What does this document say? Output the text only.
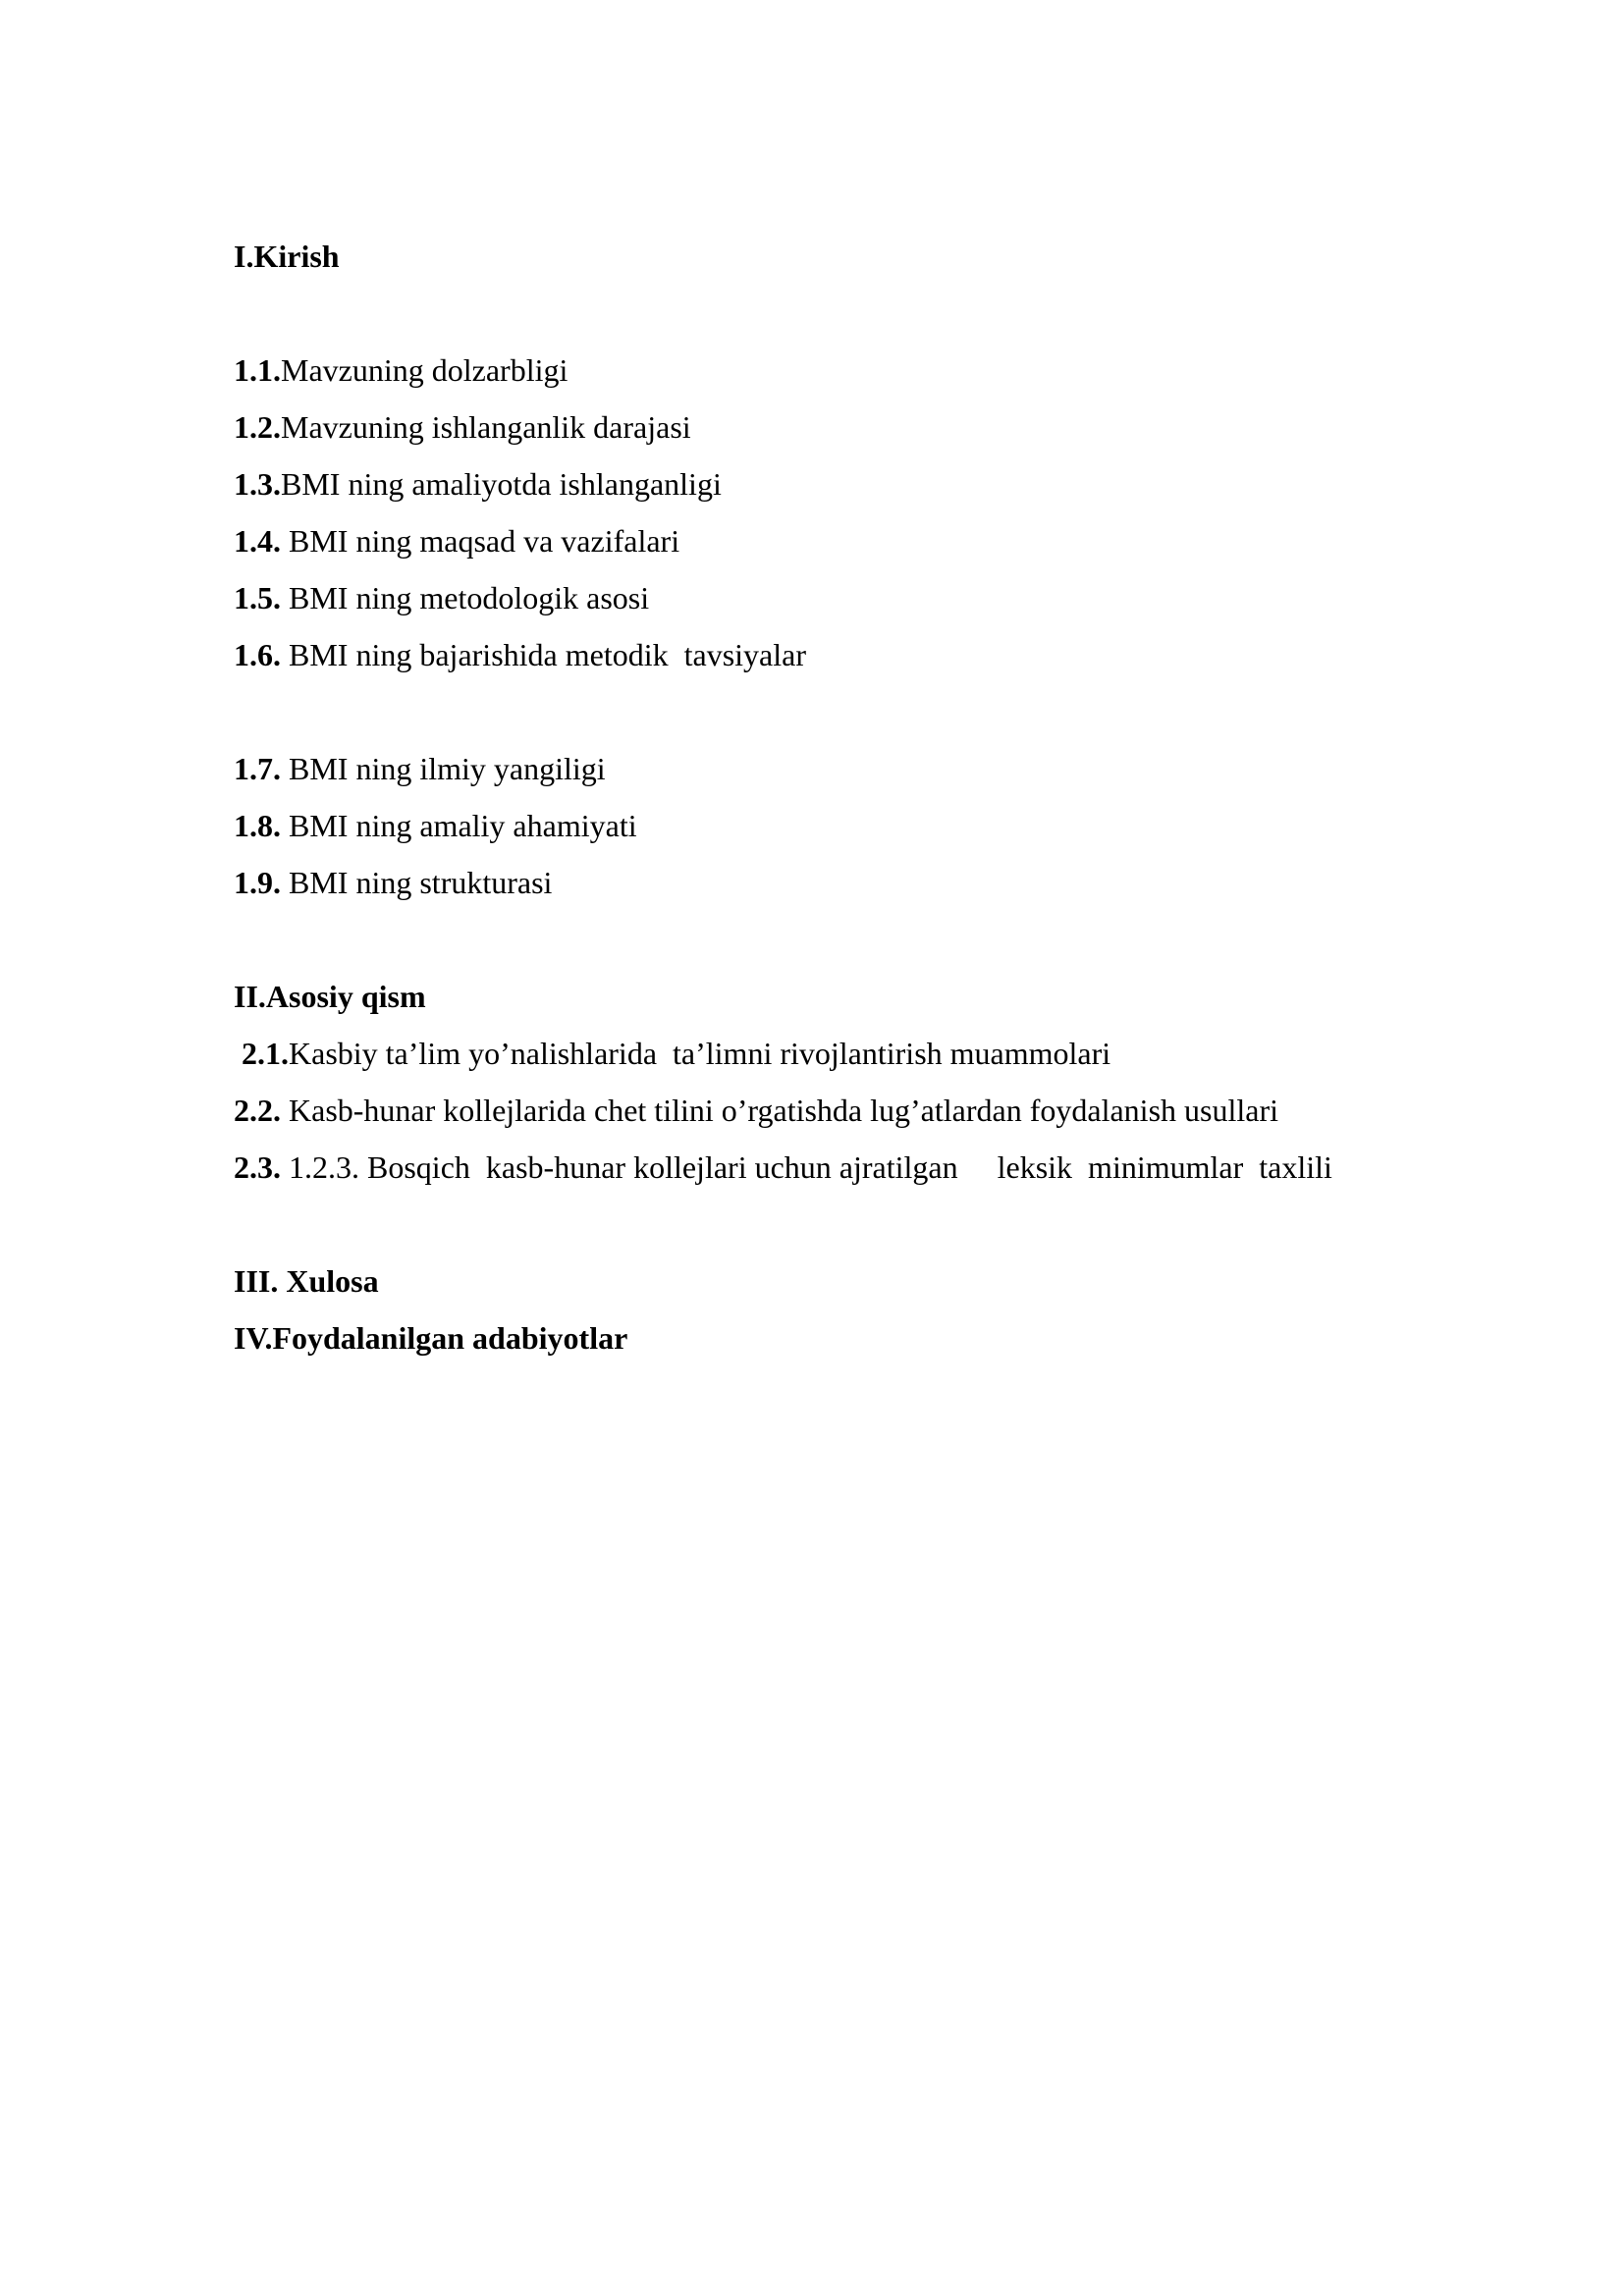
I.Kirish
1.1.Mavzuning dolzarbligi
1.2.Mavzuning ishlanganlik darajasi
1.3.BMI ning amaliyotda ishlanganligi
1.4. BMI ning maqsad va vazifalari
1.5. BMI ning metodologik asosi
1.6. BMI ning bajarishida metodik  tavsiyalar
1.7. BMI ning ilmiy yangiligi
1.8. BMI ning amaliy ahamiyati
1.9. BMI ning strukturasi
II.Asosiy qism
2.1.Kasbiy ta’lim yo’nalishlarida  ta’limni rivojlantirish muammolari
2.2. Kasb-hunar kollejlarida chet tilini o’rgatishda lug’atlardan foydalanish usullari
2.3. 1.2.3. Bosqich  kasb-hunar kollejlari uchun ajratilgan     leksik  minimumlar  taxlili
III. Xulosa
IV.Foydalanilgan adabiyotlar
